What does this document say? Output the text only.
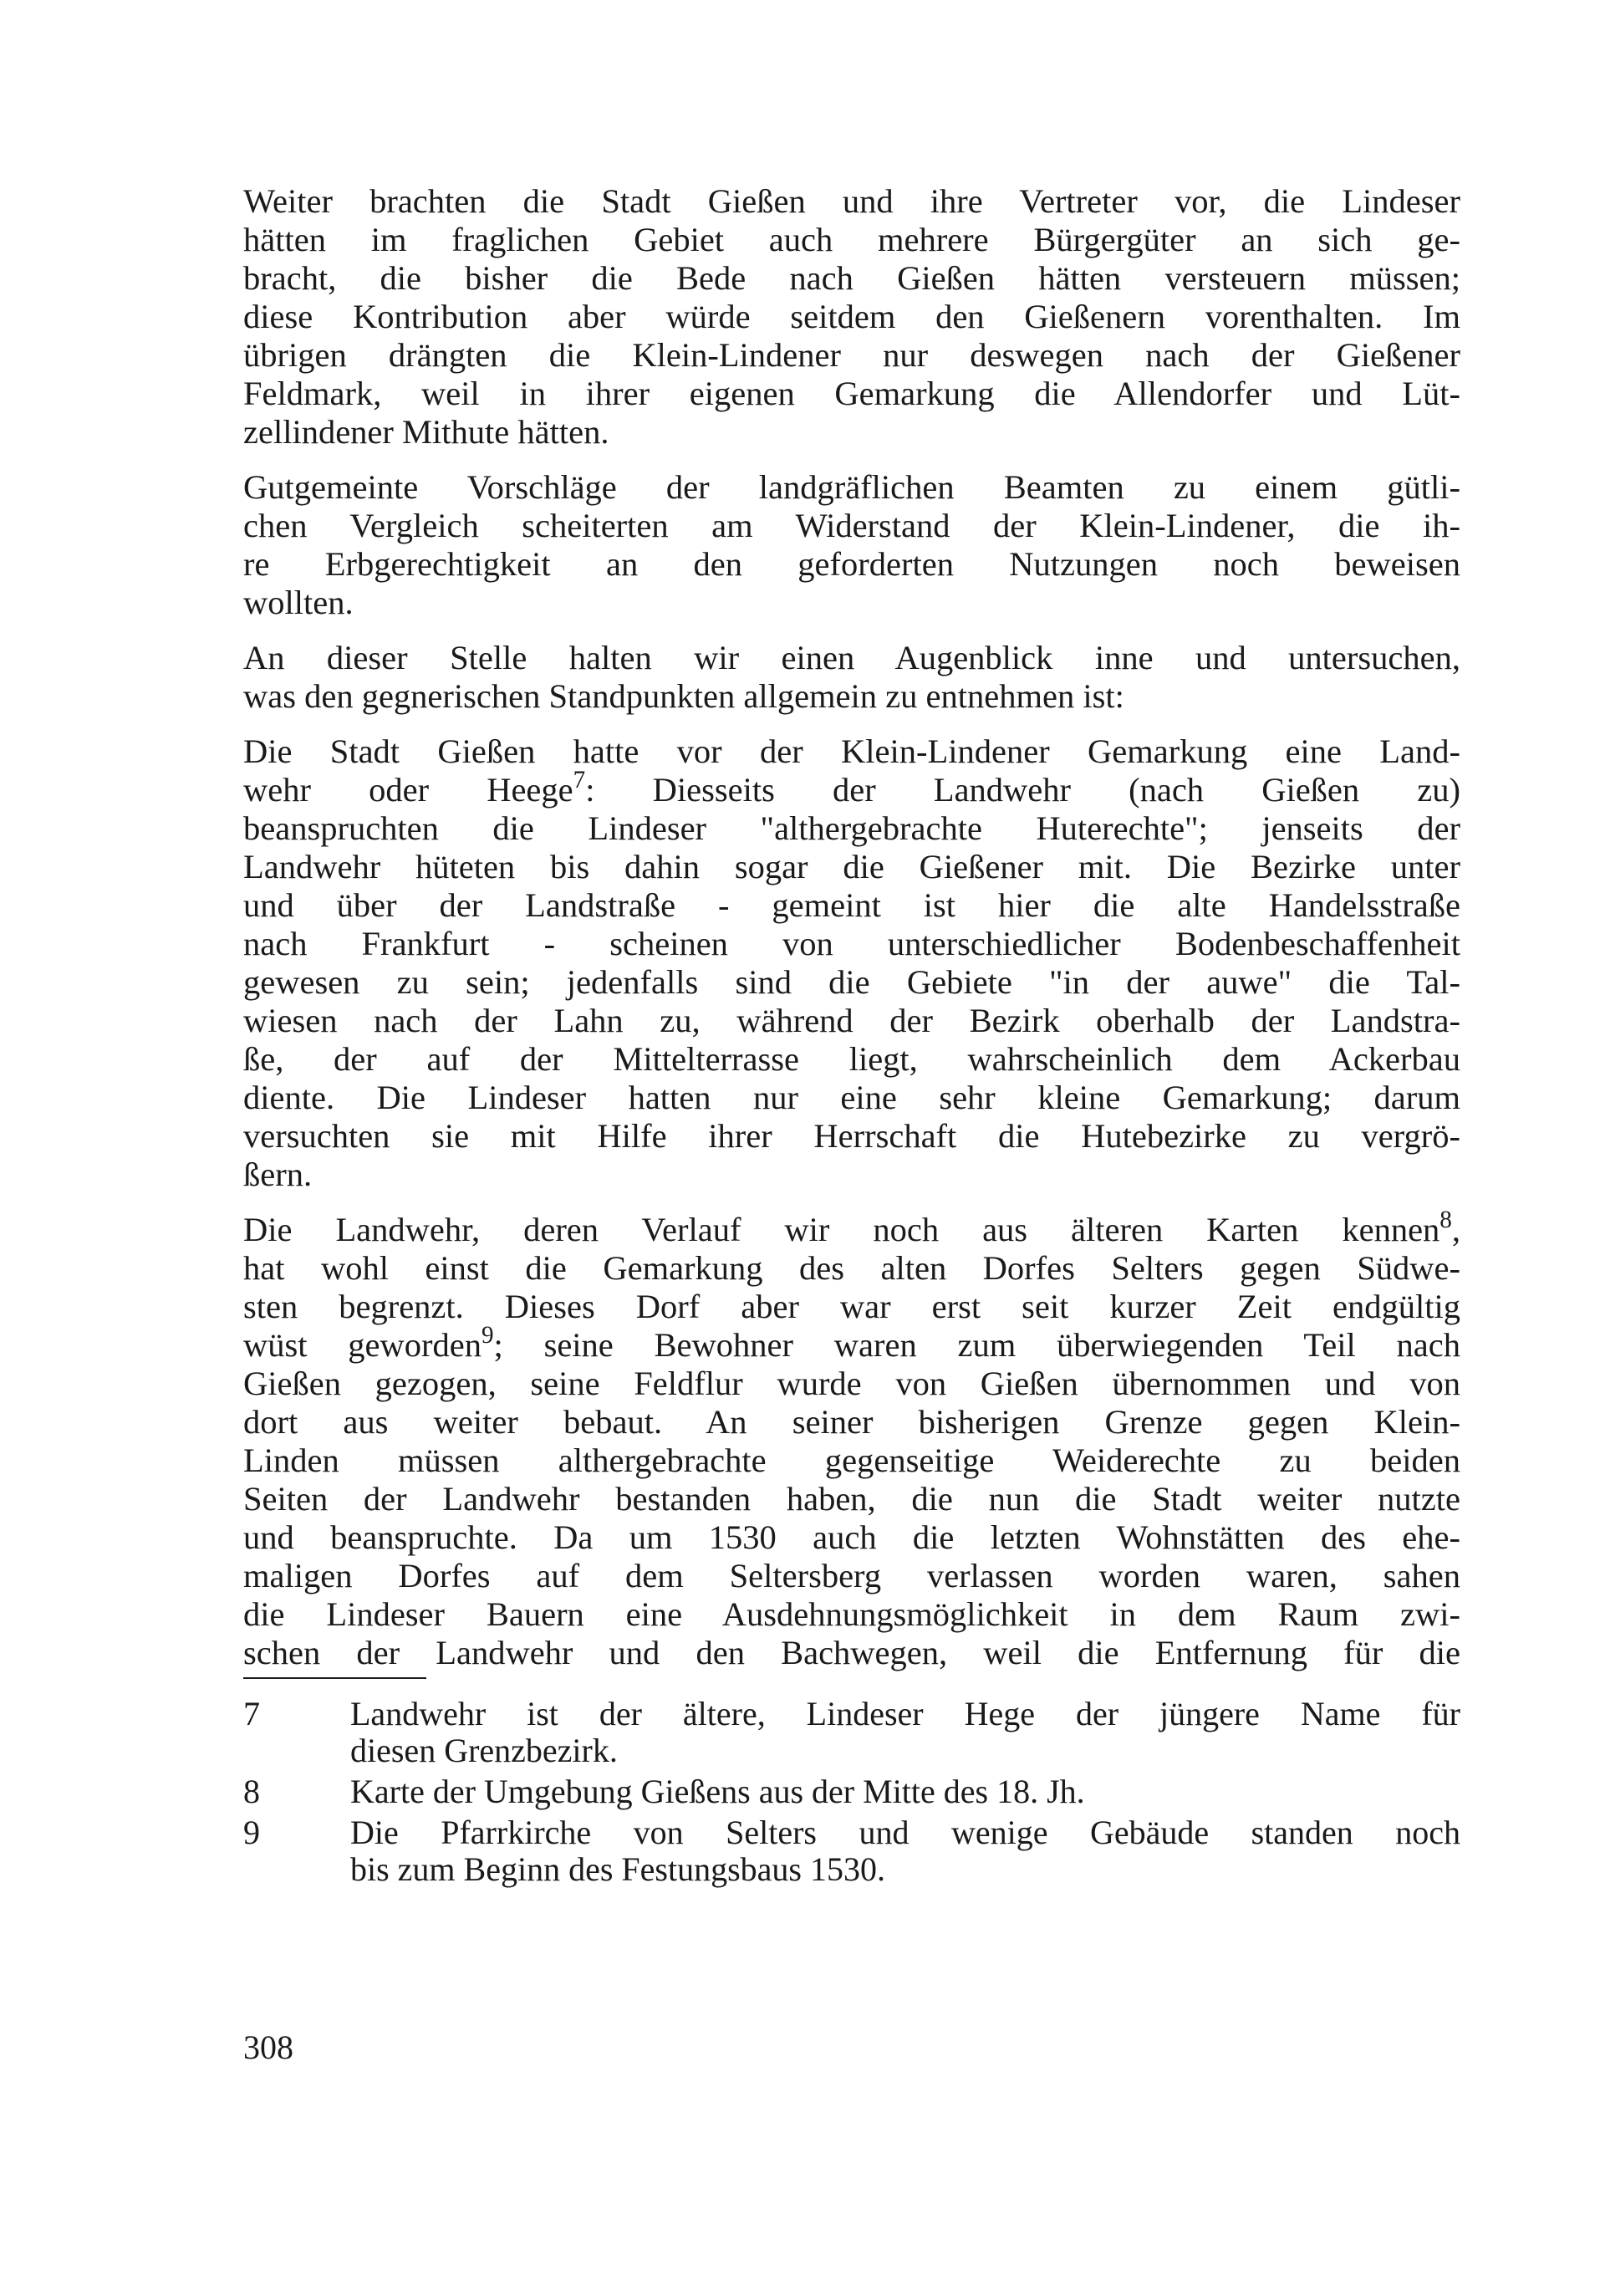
Weiter brachten die Stadt Gießen und ihre Vertreter vor, die Lindeser
hätten im fraglichen Gebiet auch mehrere Bürgergüter an sich ge-
bracht, die bisher die Bede nach Gießen hätten versteuern müssen;
diese Kontribution aber würde seitdem den Gießenern vorenthalten. Im
übrigen drängten die Klein-Lindener nur deswegen nach der Gießener
Feldmark, weil in ihrer eigenen Gemarkung die Allendorfer und Lüt-
zellindener Mithute hätten.

Gutgemeinte Vorschläge der landgräflichen Beamten zu einem gütli-
chen Vergleich scheiterten am Widerstand der Klein-Lindener, die ih-
re Erbgerechtigkeit an den geforderten Nutzungen noch beweisen
wollten.

An dieser Stelle halten wir einen Augenblick inne und untersuchen,
was den gegnerischen Standpunkten allgemein zu entnehmen ist:

Die Stadt Gießen hatte vor der Klein-Lindener Gemarkung eine Land-
wehr oder Heege$^7$: Diesseits der Landwehr (nach Gießen zu)
beanspruchten die Lindeser "althergebrachte Huterechte"; jenseits der
Landwehr hüteten bis dahin sogar die Gießener mit. Die Bezirke unter
und über der Landstraße - gemeint ist hier die alte Handelsstraße
nach Frankfurt - scheinen von unterschiedlicher Bodenbeschaffenheit
gewesen zu sein; jedenfalls sind die Gebiete "in der auwe" die Tal-
wiesen nach der Lahn zu, während der Bezirk oberhalb der Landstra-
ße, der auf der Mittelterrasse liegt, wahrscheinlich dem Ackerbau
diente. Die Lindeser hatten nur eine sehr kleine Gemarkung; darum
versuchten sie mit Hilfe ihrer Herrschaft die Hutebezirke zu vergrö-
ßern.

Die Landwehr, deren Verlauf wir noch aus älteren Karten kennen$^8$,
hat wohl einst die Gemarkung des alten Dorfes Selters gegen Südwe-
sten begrenzt. Dieses Dorf aber war erst seit kurzer Zeit endgültig
wüst geworden$^9$; seine Bewohner waren zum überwiegenden Teil nach
Gießen gezogen, seine Feldflur wurde von Gießen übernommen und von
dort aus weiter bebaut. An seiner bisherigen Grenze gegen Klein-
Linden müssen althergebrachte gegenseitige Weiderechte zu beiden
Seiten der Landwehr bestanden haben, die nun die Stadt weiter nutzte
und beanspruchte. Da um 1530 auch die letzten Wohnstätten des ehe-
maligen Dorfes auf dem Seltersberg verlassen worden waren, sahen
die Lindeser Bauern eine Ausdehnungsmöglichkeit in dem Raum zwi-
schen der Landwehr und den Bachwegen, weil die Entfernung für die

7	Landwehr ist der ältere, Lindeser Hege der jüngere Name für
diesen Grenzbezirk.
8	Karte der Umgebung Gießens aus der Mitte des 18. Jh.
9	Die Pfarrkirche von Selters und wenige Gebäude standen noch
bis zum Beginn des Festungsbaus 1530.
308
